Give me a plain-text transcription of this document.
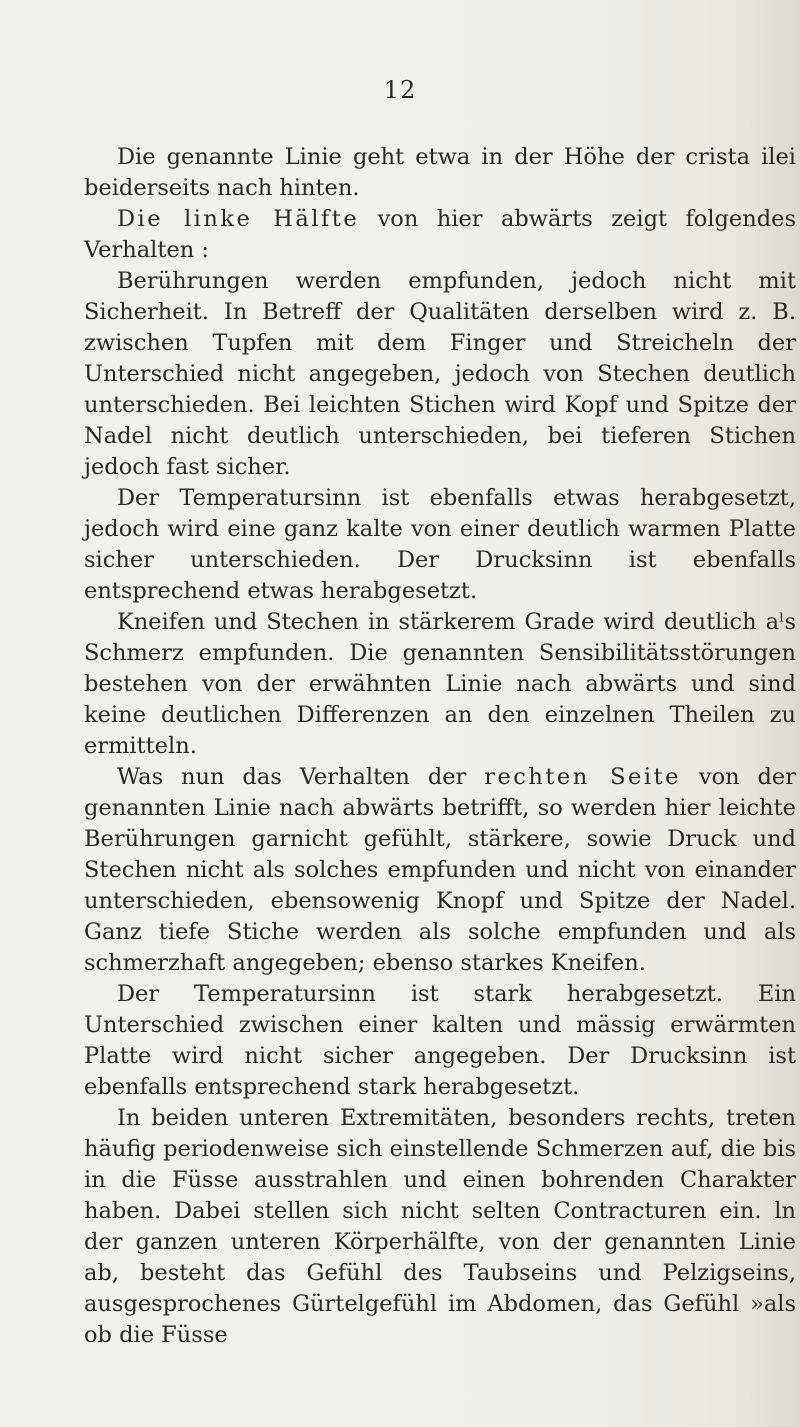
12

Die genannte Linie geht etwa in der Höhe der crista ilei beiderseits nach hinten.

Die linke Hälfte von hier abwärts zeigt folgendes Verhalten :

Berührungen werden empfunden, jedoch nicht mit Sicherheit. In Betreff der Qualitäten derselben wird z. B. zwischen Tupfen mit dem Finger und Streicheln der Unterschied nicht angegeben, jedoch von Stechen deutlich unterschieden. Bei leichten Stichen wird Kopf und Spitze der Nadel nicht deutlich unterschieden, bei tieferen Stichen jedoch fast sicher.

Der Temperatursinn ist ebenfalls etwas herabgesetzt, jedoch wird eine ganz kalte von einer deutlich warmen Platte sicher unterschieden. Der Drucksinn ist ebenfalls entsprechend etwas herabgesetzt.

Kneifen und Stechen in stärkerem Grade wird deutlich aˡs Schmerz empfunden. Die genannten Sensibilitätsstörungen bestehen von der erwähnten Linie nach abwärts und sind keine deutlichen Differenzen an den einzelnen Theilen zu ermitteln.

Was nun das Verhalten der rechten Seite von der genannten Linie nach abwärts betrifft, so werden hier leichte Berührungen garnicht gefühlt, stärkere, sowie Druck und Stechen nicht als solches empfunden und nicht von einander unterschieden, ebensowenig Knopf und Spitze der Nadel. Ganz tiefe Stiche werden als solche empfunden und als schmerzhaft angegeben; ebenso starkes Kneifen.

Der Temperatursinn ist stark herabgesetzt. Ein Unterschied zwischen einer kalten und mässig erwärmten Platte wird nicht sicher angegeben. Der Drucksinn ist ebenfalls entsprechend stark herabgesetzt.

In beiden unteren Extremitäten, besonders rechts, treten häufig periodenweise sich einstellende Schmerzen auf, die bis in die Füsse ausstrahlen und einen bohrenden Charakter haben. Dabei stellen sich nicht selten Contracturen ein. ln der ganzen unteren Körperhälfte, von der genannten Linie ab, besteht das Gefühl des Taubseins und Pelzigseins, ausgesprochenes Gürtelgefühl im Abdomen, das Gefühl »als ob die Füsse
